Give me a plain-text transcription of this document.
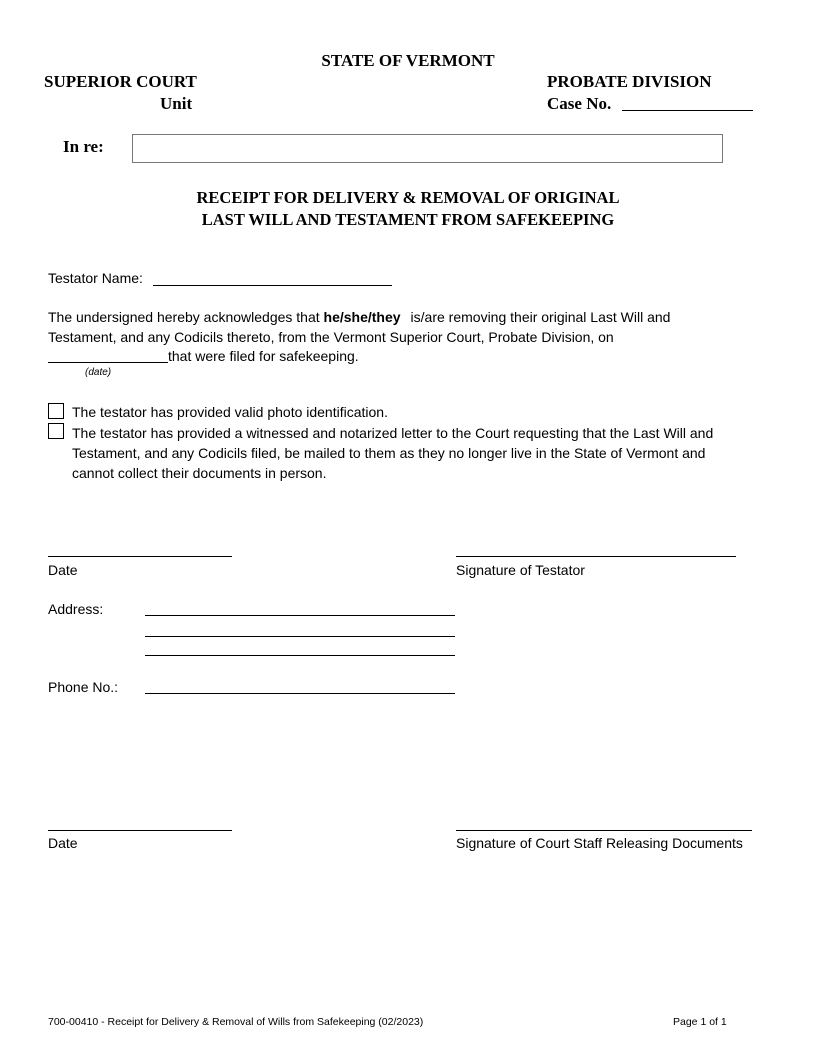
STATE OF VERMONT
SUPERIOR COURT
Unit
PROBATE DIVISION
Case No.
In re:
RECEIPT FOR DELIVERY & REMOVAL OF ORIGINAL
LAST WILL AND TESTAMENT FROM SAFEKEEPING
Testator Name:
The undersigned hereby acknowledges that he/she/they is/are removing their original Last Will and
Testament, and any Codicils thereto, from the Vermont Superior Court, Probate Division, on
that were filed for safekeeping.
(date)
The testator has provided valid photo identification.
The testator has provided a witnessed and notarized letter to the Court requesting that the Last Will and
Testament, and any Codicils filed, be mailed to them as they no longer live in the State of Vermont and
cannot collect their documents in person.
Date	Signature of Testator
Address:
Phone No.:
Date	Signature of Court Staff Releasing Documents
700-00410 - Receipt for Delivery & Removal of Wills from Safekeeping (02/2023)	Page 1 of 1
